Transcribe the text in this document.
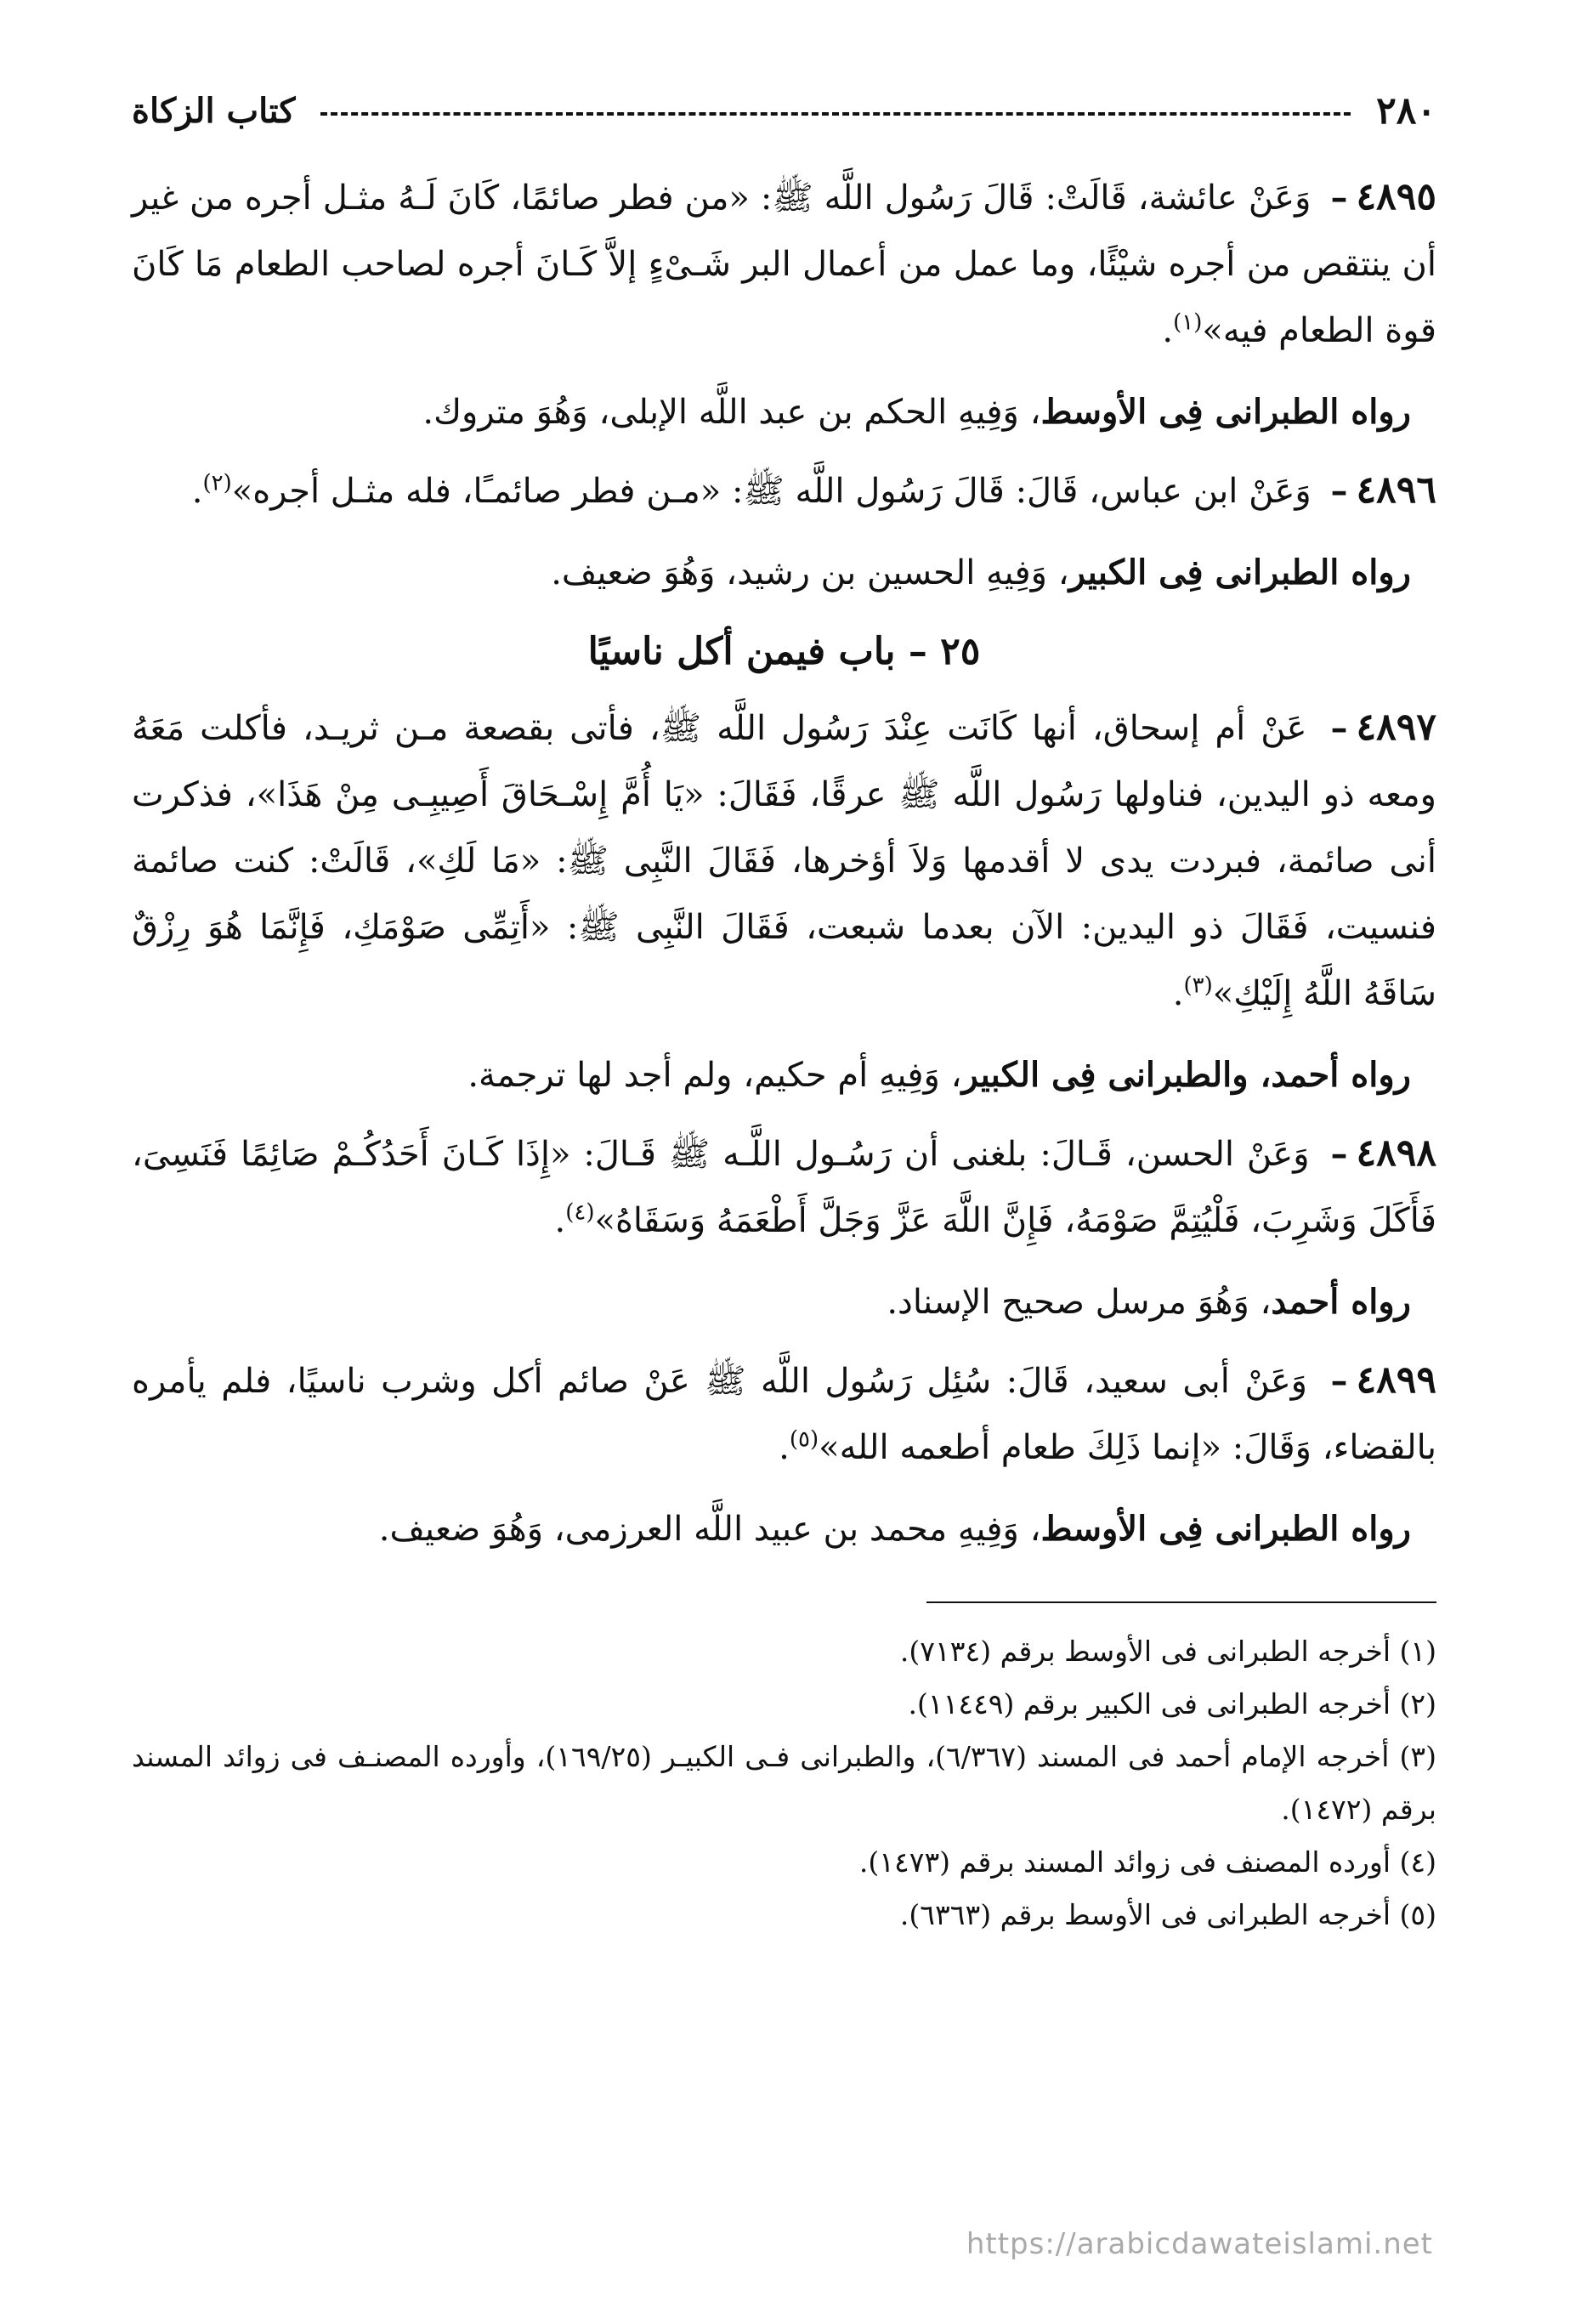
٢٨٠
كتاب الزكاة

٤٨٩٥– وَعَنْ عائشة، قَالَتْ: قَالَ رَسُول اللَّه ﷺ: «من فطر صائمًا، كَانَ لَـهُ مثـل أجره من غير أن ينتقص من أجره شيْئًا، وما عمل من أعمال البر شَـىْءٍ إلاَّ كَـانَ أجره لصاحب الطعام مَا كَانَ قوة الطعام فيه»$^{(١)}$.

رواه الطبرانى فِى الأوسط، وَفِيهِ الحكم بن عبد اللَّه الإبلى، وَهُوَ متروك.

٤٨٩٦– وَعَنْ ابن عباس، قَالَ: قَالَ رَسُول اللَّه ﷺ: «مـن فطر صائمـًا، فله مثـل أجره»$^{(٢)}$.

رواه الطبرانى فِى الكبير، وَفِيهِ الحسين بن رشيد، وَهُوَ ضعيف.

٢٥ – باب فيمن أكل ناسيًا

٤٨٩٧– عَنْ أم إسحاق، أنها كَانَت عِنْدَ رَسُول اللَّه ﷺ، فأتى بقصعة مـن ثريـد، فأكلت مَعَهُ ومعه ذو اليدين، فناولها رَسُول اللَّه ﷺ عرقًا، فَقَالَ: «يَا أُمَّ إِسْـحَاقَ أَصِيبِـى مِنْ هَذَا»، فذكرت أنى صائمة، فبردت يدى لا أقدمها وَلاَ أؤخرها، فَقَالَ النَّبِى ﷺ: «مَا لَكِ»، قَالَتْ: كنت صائمة فنسيت، فَقَالَ ذو اليدين: الآن بعدما شبعت، فَقَالَ النَّبِى ﷺ: «أَتِمِّى صَوْمَكِ، فَإِنَّمَا هُوَ رِزْقٌ سَاقَهُ اللَّهُ إِلَيْكِ»$^{(٣)}$.

رواه أحمد، والطبرانى فِى الكبير، وَفِيهِ أم حكيم، ولم أجد لها ترجمة.

٤٨٩٨– وَعَنْ الحسن، قَـالَ: بلغنى أن رَسُـول اللَّـه ﷺ قَـالَ: «إِذَا كَـانَ أَحَدُكُـمْ صَائِمًا فَنَسِىَ، فَأَكَلَ وَشَرِبَ، فَلْيُتِمَّ صَوْمَهُ، فَإِنَّ اللَّهَ عَزَّ وَجَلَّ أَطْعَمَهُ وَسَقَاهُ»$^{(٤)}$.

رواه أحمد، وَهُوَ مرسل صحيح الإسناد.

٤٨٩٩– وَعَنْ أبى سعيد، قَالَ: سُئِل رَسُول اللَّه ﷺ عَنْ صائم أكل وشرب ناسيًا، فلم يأمره بالقضاء، وَقَالَ: «إنما ذَلِكَ طعام أطعمه الله»$^{(٥)}$.

رواه الطبرانى فِى الأوسط، وَفِيهِ محمد بن عبيد اللَّه العرزمى، وَهُوَ ضعيف.

(١) أخرجه الطبرانى فى الأوسط برقم (٧١٣٤).

(٢) أخرجه الطبرانى فى الكبير برقم (١١٤٤٩).

(٣) أخرجه الإمام أحمد فى المسند (٦/٣٦٧)، والطبرانى فـى الكبيـر (١٦٩/٢٥)، وأورده المصنـف فى زوائد المسند برقم (١٤٧٢).

(٤) أورده المصنف فى زوائد المسند برقم (١٤٧٣).

(٥) أخرجه الطبرانى فى الأوسط برقم (٦٣٦٣).

https://arabicdawateislami.net
